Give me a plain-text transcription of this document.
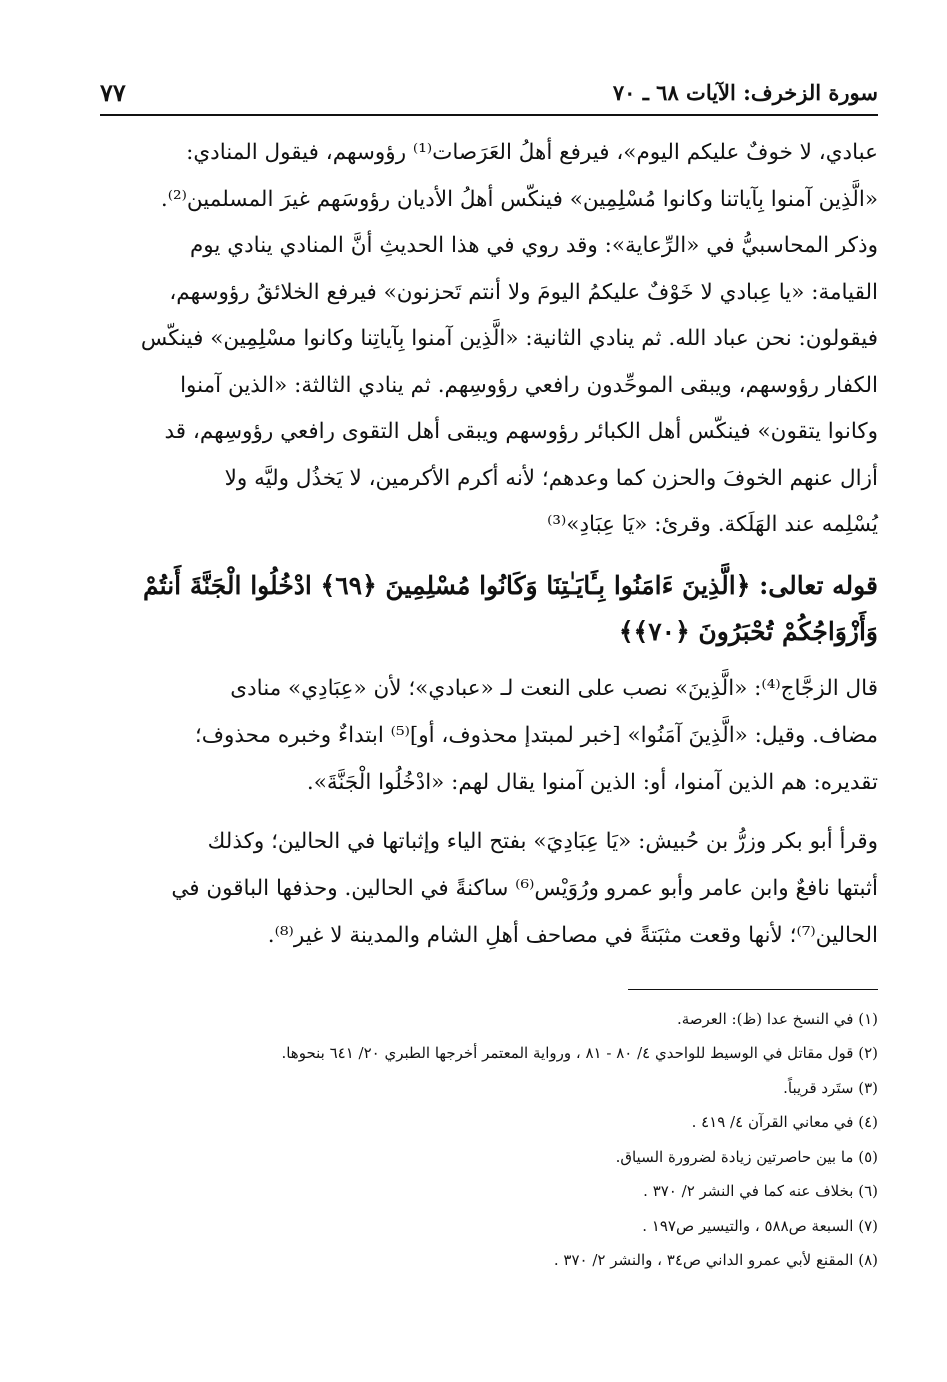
سورة الزخرف: الآيات ٦٨ ـ ٧٠
٧٧

عبادي، لا خوفٌ عليكم اليوم»، فيرفع أهلُ العَرَصات⁽¹⁾ رؤوسهم، فيقول المنادي:

«الَّذِين آمنوا بِآياتنا وكانوا مُسْلِمِين» فينكّس أهلُ الأديان رؤوسَهم غيرَ المسلمين⁽²⁾.

وذكر المحاسبيُّ في «الرِّعاية»: وقد روي في هذا الحديثِ أنَّ المنادي ينادي يوم

القيامة: «يا عِبادي لا خَوْفٌ عليكمُ اليومَ ولا أنتم تَحزنون» فيرفع الخلائقُ رؤوسهم،

فيقولون: نحن عباد الله. ثم ينادي الثانية: «الَّذِين آمنوا بِآياتِنا وكانوا مسْلِمِين» فينكّس

الكفار رؤوسهم، ويبقى الموحِّدون رافعي رؤوسِهم. ثم ينادي الثالثة: «الذين آمنوا

وكانوا يتقون» فينكّس أهل الكبائر رؤوسهم ويبقى أهل التقوى رافعي رؤوسِهم، قد

أزال عنهم الخوفَ والحزن كما وعدهم؛ لأنه أكرم الأكرمين، لا يَخذُل وليَّه ولا

يُسْلِمه عند الهَلَكة. وقرئ: «يَا عِبَادِ»⁽³⁾

قوله تعالى: ﴿الَّذِينَ ءَامَنُوا بِـَٔايَـٰتِنَا وَكَانُوا مُسْلِمِينَ ﴿٦٩﴾ ادْخُلُوا الْجَنَّةَ أَنتُمْ وَأَزْوَاجُكُمْ تُحْبَرُونَ ﴿٧٠﴾﴾

قال الزجَّاج⁽⁴⁾: «الَّذِينَ» نصب على النعت لـ «عبادي»؛ لأن «عِبَادِي» منادى

مضاف. وقيل: «الَّذِينَ آمَنُوا» [خبر لمبتدإ محذوف، أو]⁽⁵⁾ ابتداءٌ وخبره محذوف؛

تقديره: هم الذين آمنوا، أو: الذين آمنوا يقال لهم: «ادْخُلُوا الْجَنَّةَ».

وقرأ أبو بكر وزرُّ بن حُبيش: «يَا عِبَادِيَ» بفتح الياء وإثباتها في الحالين؛ وكذلك

أثبتها نافعٌ وابن عامر وأبو عمرو ورُوَيْس⁽⁶⁾ ساكنةً في الحالين. وحذفها الباقون في

الحالين⁽⁷⁾؛ لأنها وقعت مثبَتةً في مصاحف أهلِ الشام والمدينة لا غير⁽⁸⁾.

(١) في النسخ عدا (ظ): العرصة.
(٢) قول مقاتل في الوسيط للواحدي ٤/ ٨٠ - ٨١ ، ورواية المعتمر أخرجها الطبري ٢٠/ ٦٤١ بنحوها.
(٣) ستَرد قريباً.
(٤) في معاني القرآن ٤/ ٤١٩ .
(٥) ما بين حاصرتين زيادة لضرورة السياق.
(٦) بخلاف عنه كما في النشر ٢/ ٣٧٠ .
(٧) السبعة ص٥٨٨ ، والتيسير ص١٩٧ .
(٨) المقنع لأبي عمرو الداني ص٣٤ ، والنشر ٢/ ٣٧٠ .
